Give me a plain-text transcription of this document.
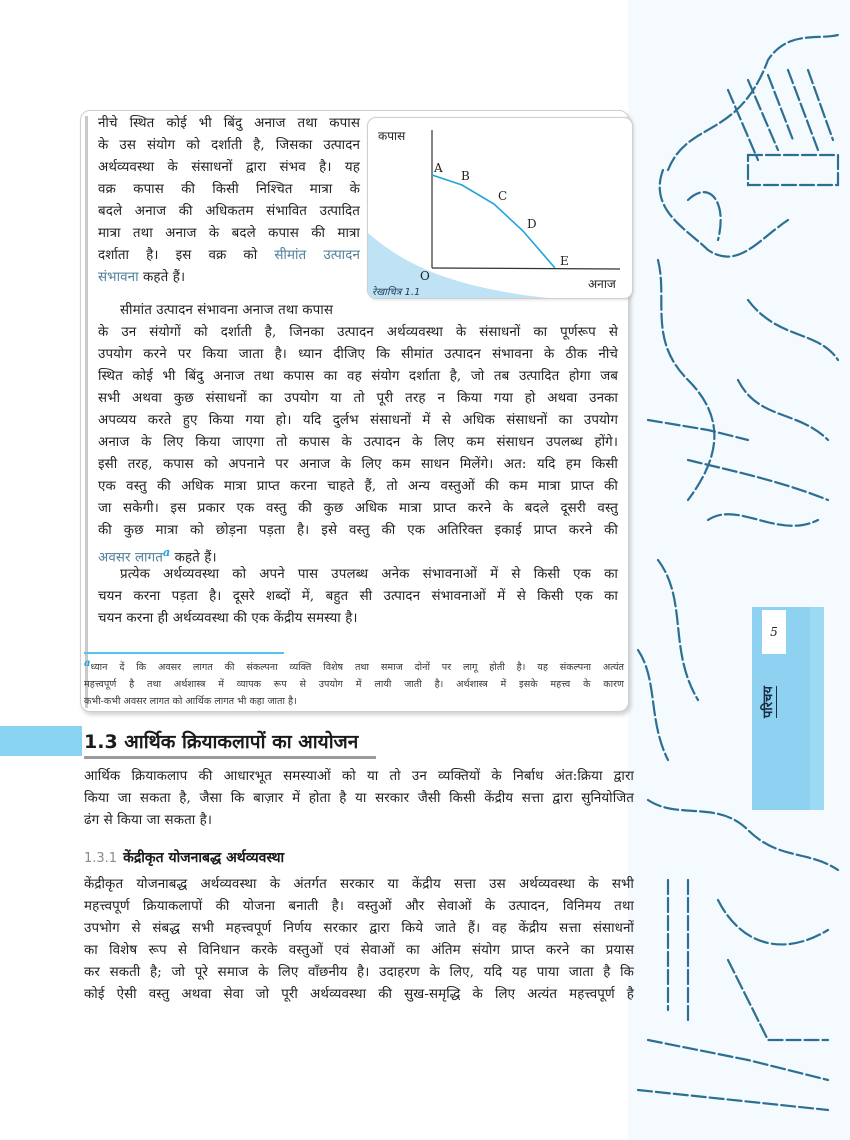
5
परिचय
नीचे स्थित कोई भी बिंदु अनाज तथा कपास
के उस संयोग को दर्शाती है, जिसका उत्पादन
अर्थव्यवस्था के संसाधनों द्वारा संभव है। यह
वक्र कपास की किसी निश्चित मात्रा के
बदले अनाज की अधिकतम संभावित उत्पादित
मात्रा तथा अनाज के बदले कपास की मात्रा
दर्शाता है। इस वक्र को सीमांत उत्पादन
संभावना कहते हैं।
कपास
A
B
C
D
E
O
अनाज
रेखाचित्र 1.1
सीमांत उत्पादन संभावना अनाज तथा कपास
के उन संयोगों को दर्शाती है, जिनका उत्पादन अर्थव्यवस्था के संसाधनों का पूर्णरूप से
उपयोग करने पर किया जाता है। ध्यान दीजिए कि सीमांत उत्पादन संभावना के ठीक नीचे
स्थित कोई भी बिंदु अनाज तथा कपास का वह संयोग दर्शाता है, जो तब उत्पादित होगा जब
सभी अथवा कुछ संसाधनों का उपयोग या तो पूरी तरह न किया गया हो अथवा उनका
अपव्यय करते हुए किया गया हो। यदि दुर्लभ संसाधनों में से अधिक संसाधनों का उपयोग
अनाज के लिए किया जाएगा तो कपास के उत्पादन के लिए कम संसाधन उपलब्ध होंगे।
इसी तरह, कपास को अपनाने पर अनाज के लिए कम साधन मिलेंगे। अत: यदि हम किसी
एक वस्तु की अधिक मात्रा प्राप्त करना चाहते हैं, तो अन्य वस्तुओं की कम मात्रा प्राप्त की
जा सकेगी। इस प्रकार एक वस्तु की कुछ अधिक मात्रा प्राप्त करने के बदले दूसरी वस्तु
की कुछ मात्रा को छोड़ना पड़ता है। इसे वस्तु की एक अतिरिक्त इकाई प्राप्त करने की
अवसर लागत$^a$ कहते हैं।
प्रत्येक अर्थव्यवस्था को अपने पास उपलब्ध अनेक संभावनाओं में से किसी एक का
चयन करना पड़ता है। दूसरे शब्दों में, बहुत सी उत्पादन संभावनाओं में से किसी एक का
चयन करना ही अर्थव्यवस्था की एक केंद्रीय समस्या है।
aध्यान दें कि अवसर लागत की संकल्पना व्यक्ति विशेष तथा समाज दोनों पर लागू होती है। यह संकल्पना अत्यंत
महत्त्वपूर्ण है तथा अर्थशास्त्र में व्यापक रूप से उपयोग में लायी जाती है। अर्थशास्त्र में इसके महत्त्व के कारण
कभी-कभी अवसर लागत को आर्थिक लागत भी कहा जाता है।
1.3 आर्थिक क्रियाकलापों का आयोजन
आर्थिक क्रियाकलाप की आधारभूत समस्याओं को या तो उन व्यक्तियों के निर्बाध अंत:क्रिया द्वारा
किया जा सकता है, जैसा कि बाज़ार में होता है या सरकार जैसी किसी केंद्रीय सत्ता द्वारा सुनियोजित
ढंग से किया जा सकता है।
1.3.1 केंद्रीकृत योजनाबद्ध अर्थव्यवस्था
केंद्रीकृत योजनाबद्ध अर्थव्यवस्था के अंतर्गत सरकार या केंद्रीय सत्ता उस अर्थव्यवस्था के सभी
महत्त्वपूर्ण क्रियाकलापों की योजना बनाती है। वस्तुओं और सेवाओं के उत्पादन, विनिमय तथा
उपभोग से संबद्ध सभी महत्त्वपूर्ण निर्णय सरकार द्वारा किये जाते हैं। वह केंद्रीय सत्ता संसाधनों
का विशेष रूप से विनिधान करके वस्तुओं एवं सेवाओं का अंतिम संयोग प्राप्त करने का प्रयास
कर सकती है; जो पूरे समाज के लिए वाँछनीय है। उदाहरण के लिए, यदि यह पाया जाता है कि
कोई ऐसी वस्तु अथवा सेवा जो पूरी अर्थव्यवस्था की सुख-समृद्धि के लिए अत्यंत महत्त्वपूर्ण है
